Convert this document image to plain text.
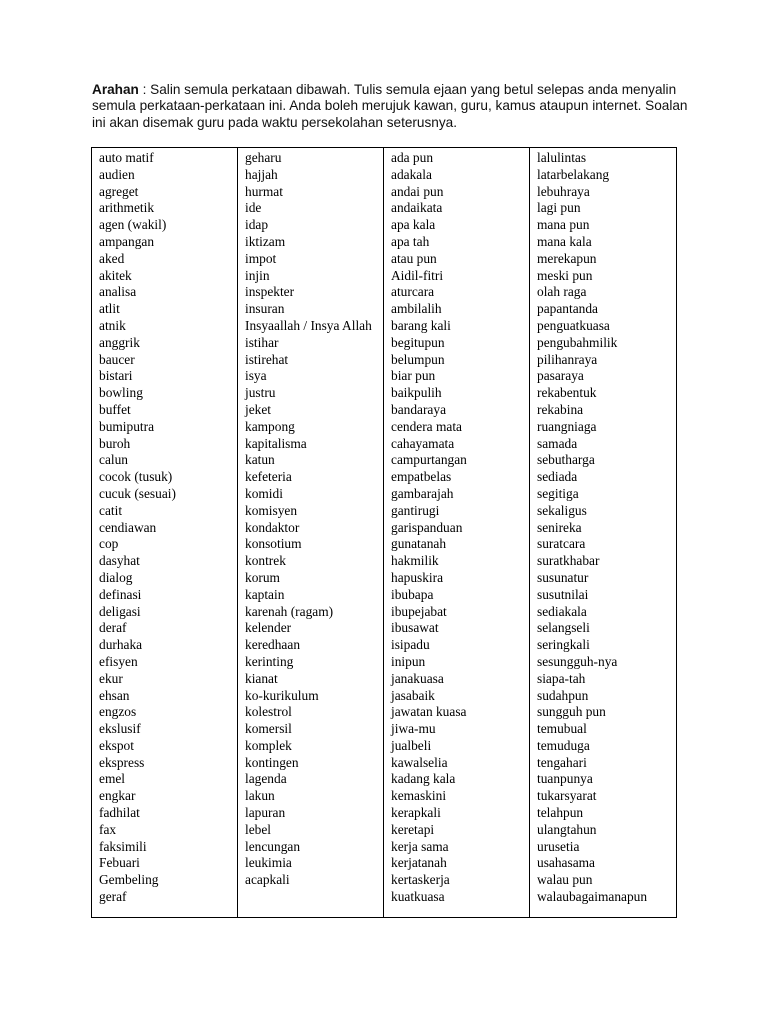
Arahan : Salin semula perkataan dibawah. Tulis semula ejaan yang betul selepas anda menyalin semula perkataan-perkataan ini. Anda boleh merujuk kawan, guru, kamus ataupun internet. Soalan ini akan disemak guru pada waktu persekolahan seterusnya.
auto matif
audien
agreget
arithmetik
agen (wakil)
ampangan
aked
akitek
analisa
atlit
atnik
anggrik
baucer
bistari
bowling
buffet
bumiputra
buroh
calun
cocok (tusuk)
cucuk (sesuai)
catit
cendiawan
cop
dasyhat
dialog
definasi
deligasi
deraf
durhaka
efisyen
ekur
ehsan
engzos
ekslusif
ekspot
ekspress
emel
engkar
fadhilat
fax
faksimili
Febuari
Gembeling
geraf
geharu
hajjah
hurmat
ide
idap
iktizam
impot
injin
inspekter
insuran
Insyaallah / Insya Allah
istihar
istirehat
isya
justru
jeket
kampong
kapitalisma
katun
kefeteria
komidi
komisyen
kondaktor
konsotium
kontrek
korum
kaptain
karenah (ragam)
kelender
keredhaan
kerinting
kianat
ko-kurikulum
kolestrol
komersil
komplek
kontingen
lagenda
lakun
lapuran
lebel
lencungan
leukimia
acapkali
ada pun
adakala
andai pun
andaikata
apa kala
apa tah
atau pun
Aidil-fitri
aturcara
ambilalih
barang kali
begitupun
belumpun
biar pun
baikpulih
bandaraya
cendera mata
cahayamata
campurtangan
empatbelas
gambarajah
gantirugi
garispanduan
gunatanah
hakmilik
hapuskira
ibubapa
ibupejabat
ibusawat
isipadu
inipun
janakuasa
jasabaik
jawatan kuasa
jiwa-mu
jualbeli
kawalselia
kadang kala
kemaskini
kerapkali
keretapi
kerja sama
kerjatanah
kertaskerja
kuatkuasa
lalulintas
latarbelakang
lebuhraya
lagi pun
mana pun
mana kala
merekapun
meski pun
olah raga
papantanda
penguatkuasa
pengubahmilik
pilihanraya
pasaraya
rekabentuk
rekabina
ruangniaga
samada
sebutharga
sediada
segitiga
sekaligus
senireka
suratcara
suratkhabar
susunatur
susutnilai
sediakala
selangseli
seringkali
sesungguh-nya
siapa-tah
sudahpun
sungguh pun
temubual
temuduga
tengahari
tuanpunya
tukarsyarat
telahpun
ulangtahun
urusetia
usahasama
walau pun
walaubagaimanapun
